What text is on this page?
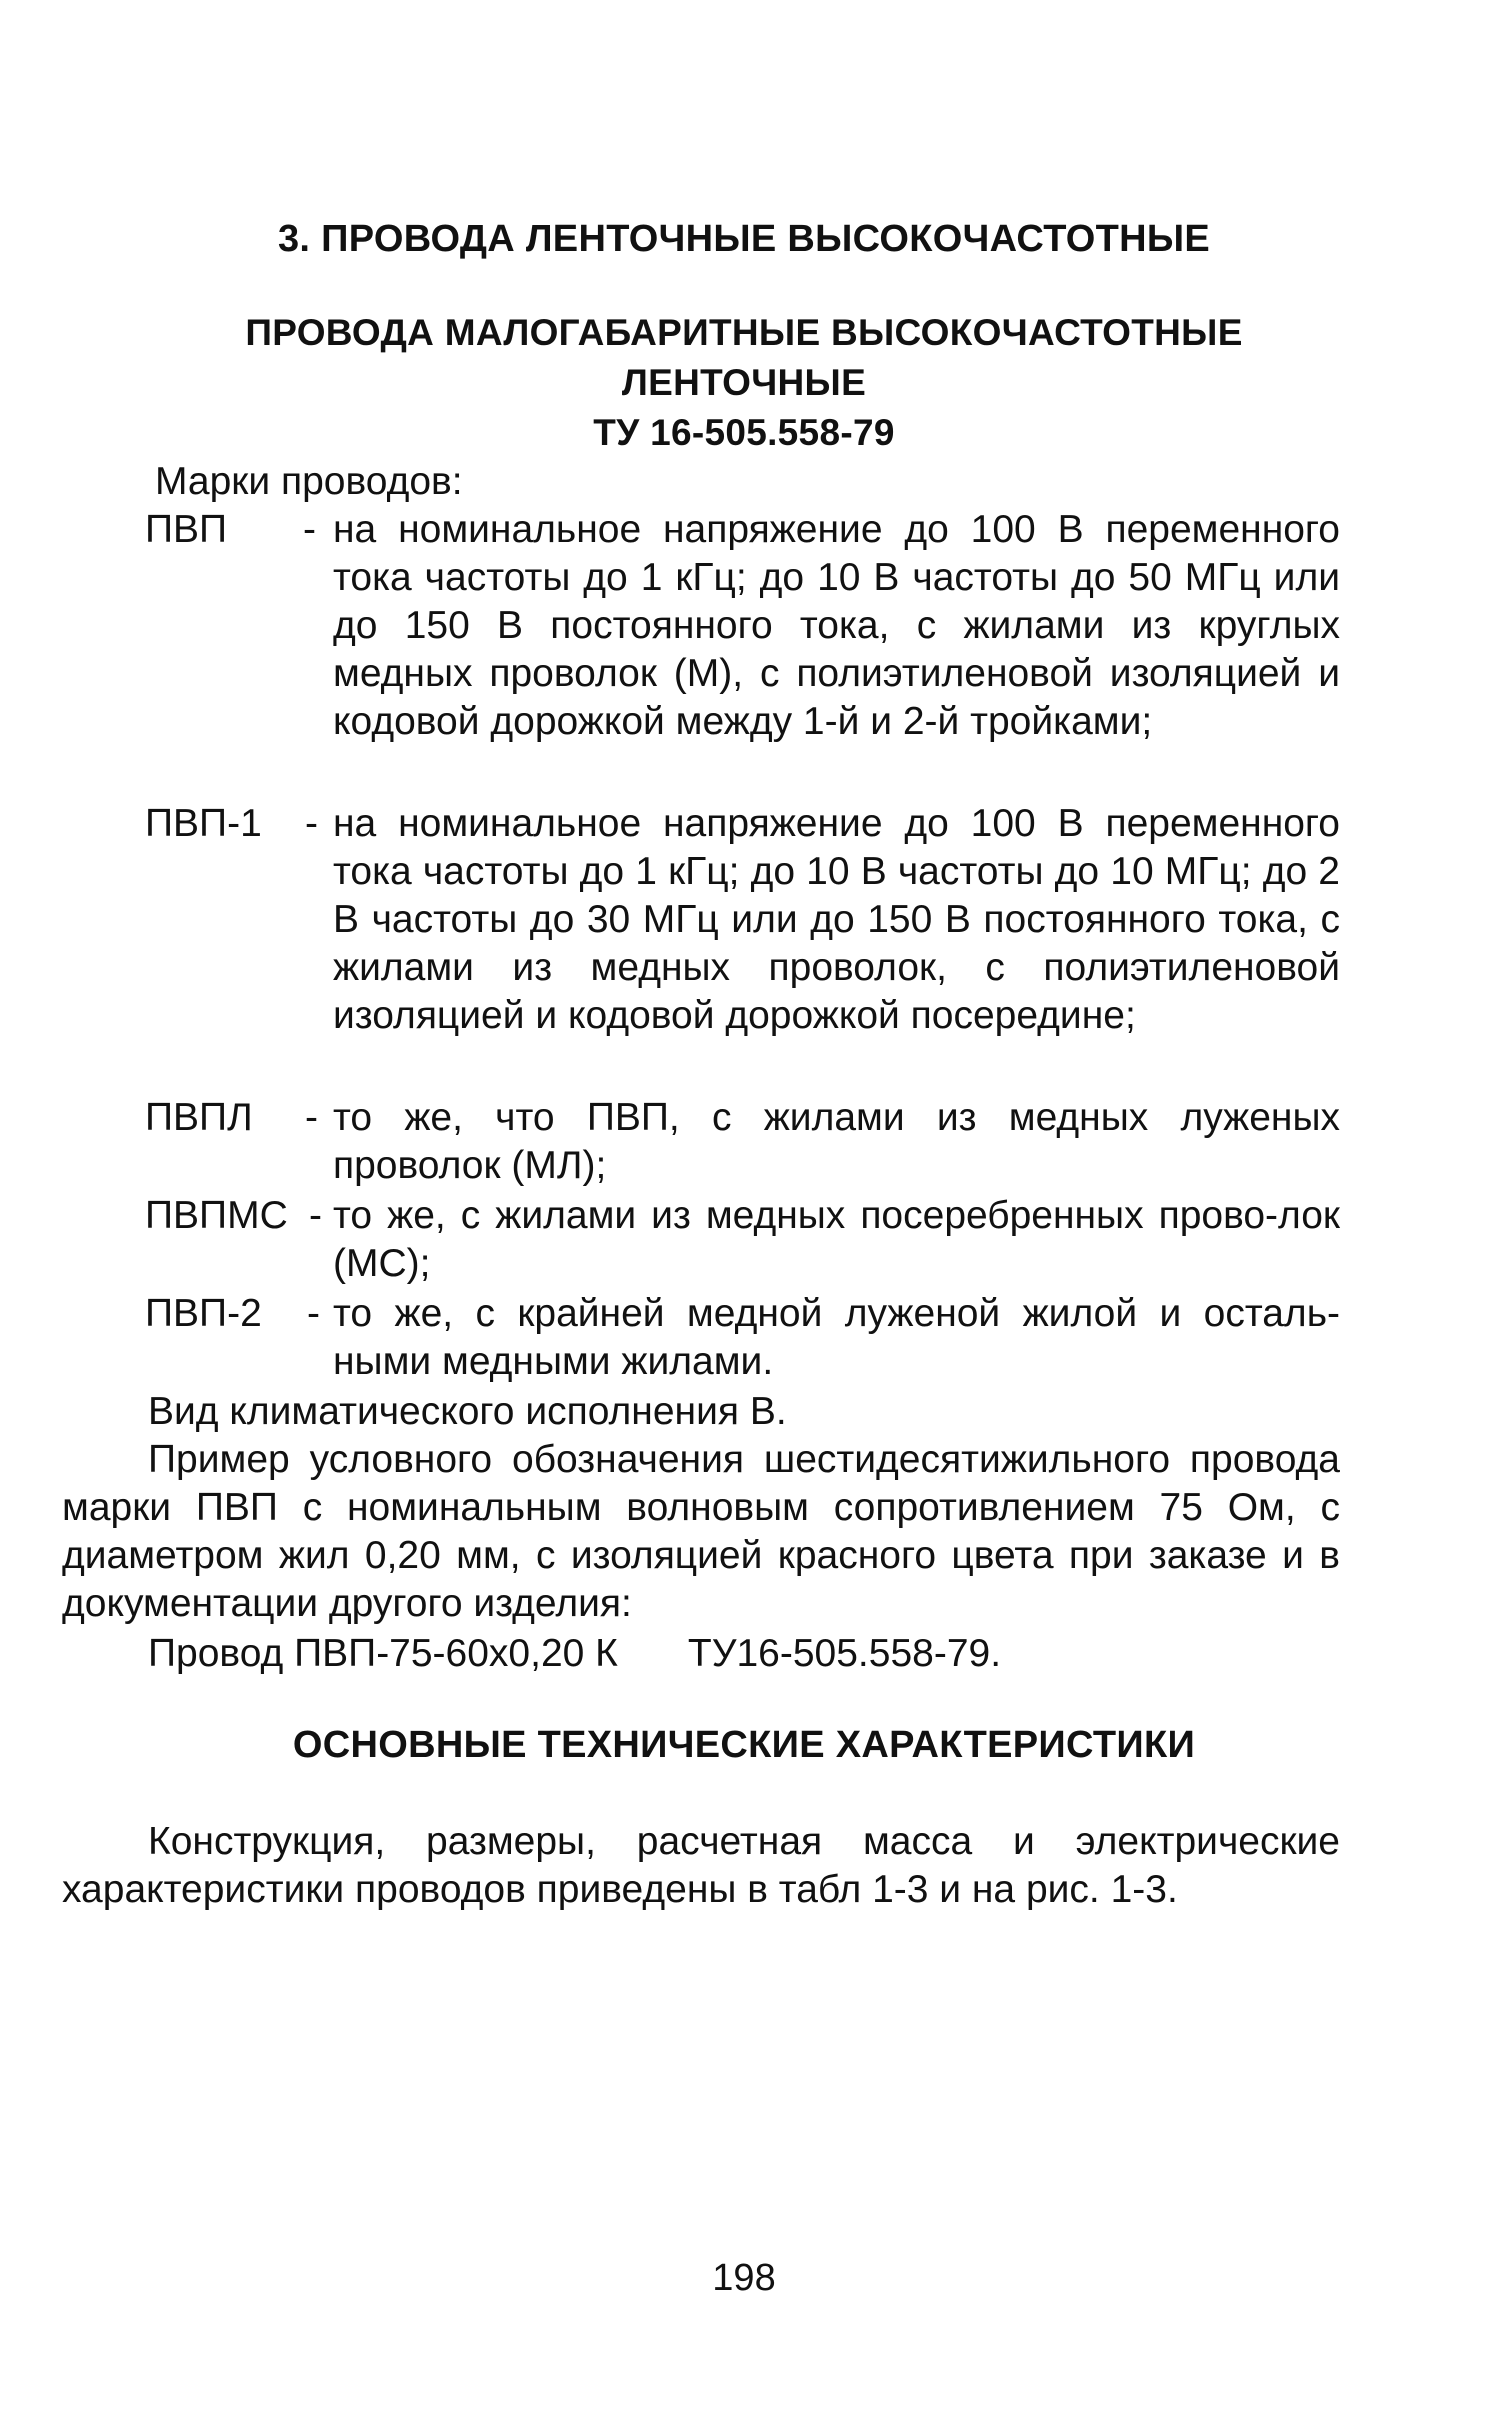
3. ПРОВОДА ЛЕНТОЧНЫЕ ВЫСОКОЧАСТОТНЫЕ
ПРОВОДА МАЛОГАБАРИТНЫЕ ВЫСОКОЧАСТОТНЫЕ
ЛЕНТОЧНЫЕ
ТУ 16-505.558-79
Марки проводов:
ПВП - на номинальное напряжение до 100 В переменного тока частоты до 1 кГц; до 10 В частоты до 50 МГц или до 150 В постоянного тока, с жилами из круглых медных проволок (М), с полиэтиленовой изоляцией и кодовой дорожкой между 1-й и 2-й тройками;
ПВП-1 - на номинальное напряжение до 100 В переменного тока частоты до 1 кГц; до 10 В частоты до 10 МГц; до 2 В частоты до 30 МГц или до 150 В постоянного тока, с жилами из медных проволок, с полиэтиленовой изоляцией и кодовой дорожкой посередине;
ПВПЛ - то же, что ПВП, с жилами из медных луженых проволок (МЛ);
ПВПМС - то же, с жилами из медных посеребренных прово-лок (МС);
ПВП-2 - то же, с крайней медной луженой жилой и осталь-ными медными жилами.
Вид климатического исполнения В.
Пример условного обозначения шестидесятижильного провода марки ПВП с номинальным волновым сопротивлением 75 Ом, с диаметром жил 0,20 мм, с изоляцией красного цвета при заказе и в документации другого изделия:
Провод ПВП-75-60х0,20 К ТУ16-505.558-79.
ОСНОВНЫЕ ТЕХНИЧЕСКИЕ ХАРАКТЕРИСТИКИ
Конструкция, размеры, расчетная масса и электрические характеристики проводов приведены в табл 1-3 и на рис. 1-3.
198
